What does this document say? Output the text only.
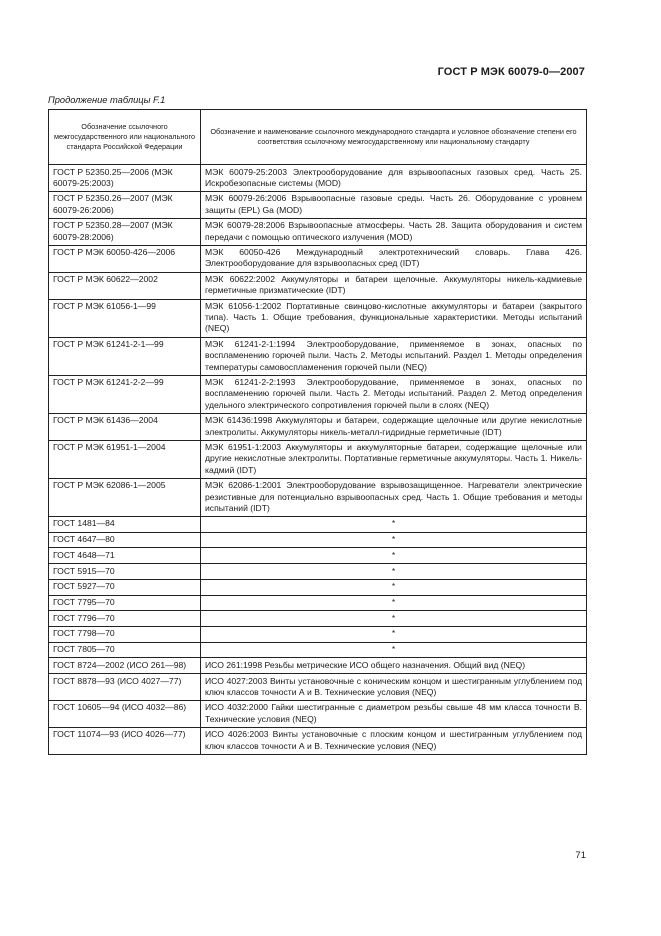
ГОСТ Р МЭК 60079-0—2007
Продолжение таблицы F.1
Обозначение ссылочного межгосударственного или национального стандарта Российской Федерации	Обозначение и наименование ссылочного международного стандарта и условное обозначение степени его соответствия ссылочному межгосударственному или национальному стандарту
ГОСТ Р 52350.25—2006 (МЭК 60079-25:2003)	МЭК 60079-25:2003 Электрооборудование для взрывоопасных газовых сред. Часть 25. Искробезопасные системы (MOD)
ГОСТ Р 52350.26—2007 (МЭК 60079-26:2006)	МЭК 60079-26:2006 Взрывоопасные газовые среды. Часть 26. Оборудование с уровнем защиты (EPL) Ga (MOD)
ГОСТ Р 52350.28—2007 (МЭК 60079-28:2006)	МЭК 60079-28:2006 Взрывоопасные атмосферы. Часть 28. Защита оборудования и систем передачи с помощью оптического излучения (MOD)
ГОСТ Р МЭК 60050-426—2006	МЭК 60050-426 Международный электротехнический словарь. Глава 426. Электрооборудование для взрывоопасных сред (IDT)
ГОСТ Р МЭК 60622—2002	МЭК 60622:2002 Аккумуляторы и батареи щелочные. Аккумуляторы никель-кадмиевые герметичные призматические (IDT)
ГОСТ Р МЭК 61056-1—99	МЭК 61056-1:2002 Портативные свинцово-кислотные аккумуляторы и батареи (закрытого типа). Часть 1. Общие требования, функциональные характеристики. Методы испытаний (NEQ)
ГОСТ Р МЭК 61241-2-1—99	МЭК 61241-2-1:1994 Электрооборудование, применяемое в зонах, опасных по воспламенению горючей пыли. Часть 2. Методы испытаний. Раздел 1. Методы определения температуры самовоспламенения горючей пыли (NEQ)
ГОСТ Р МЭК 61241-2-2—99	МЭК 61241-2-2:1993 Электрооборудование, применяемое в зонах, опасных по воспламенению горючей пыли. Часть 2. Методы испытаний. Раздел 2. Метод определения удельного электрического сопротивления горючей пыли в слоях (NEQ)
ГОСТ Р МЭК 61436—2004	МЭК 61436:1998 Аккумуляторы и батареи, содержащие щелочные или другие некислотные электролиты. Аккумуляторы никель-металл-гидридные герметичные (IDT)
ГОСТ Р МЭК 61951-1—2004	МЭК 61951-1:2003 Аккумуляторы и аккумуляторные батареи, содержащие щелочные или другие некислотные электролиты. Портативные герметичные аккумуляторы. Часть 1. Никель-кадмий (IDT)
ГОСТ Р МЭК 62086-1—2005	МЭК 62086-1:2001 Электрооборудование взрывозащищенное. Нагреватели электрические резистивные для потенциально взрывоопасных сред. Часть 1. Общие требования и методы испытаний (IDT)
ГОСТ 1481—84	*
ГОСТ 4647—80	*
ГОСТ 4648—71	*
ГОСТ 5915—70	*
ГОСТ 5927—70	*
ГОСТ 7795—70	*
ГОСТ 7796—70	*
ГОСТ 7798—70	*
ГОСТ 7805—70	*
ГОСТ 8724—2002 (ИСО 261—98)	ИСО 261:1998 Резьбы метрические ИСО общего назначения. Общий вид (NEQ)
ГОСТ 8878—93 (ИСО 4027—77)	ИСО 4027:2003 Винты установочные с коническим концом и шестигранным углублением под ключ классов точности А и В. Технические условия (NEQ)
ГОСТ 10605—94 (ИСО 4032—86)	ИСО 4032:2000 Гайки шестигранные с диаметром резьбы свыше 48 мм класса точности В. Технические условия (NEQ)
ГОСТ 11074—93 (ИСО 4026—77)	ИСО 4026:2003 Винты установочные с плоским концом и шестигранным углублением под ключ классов точности А и В. Технические условия (NEQ)
71
